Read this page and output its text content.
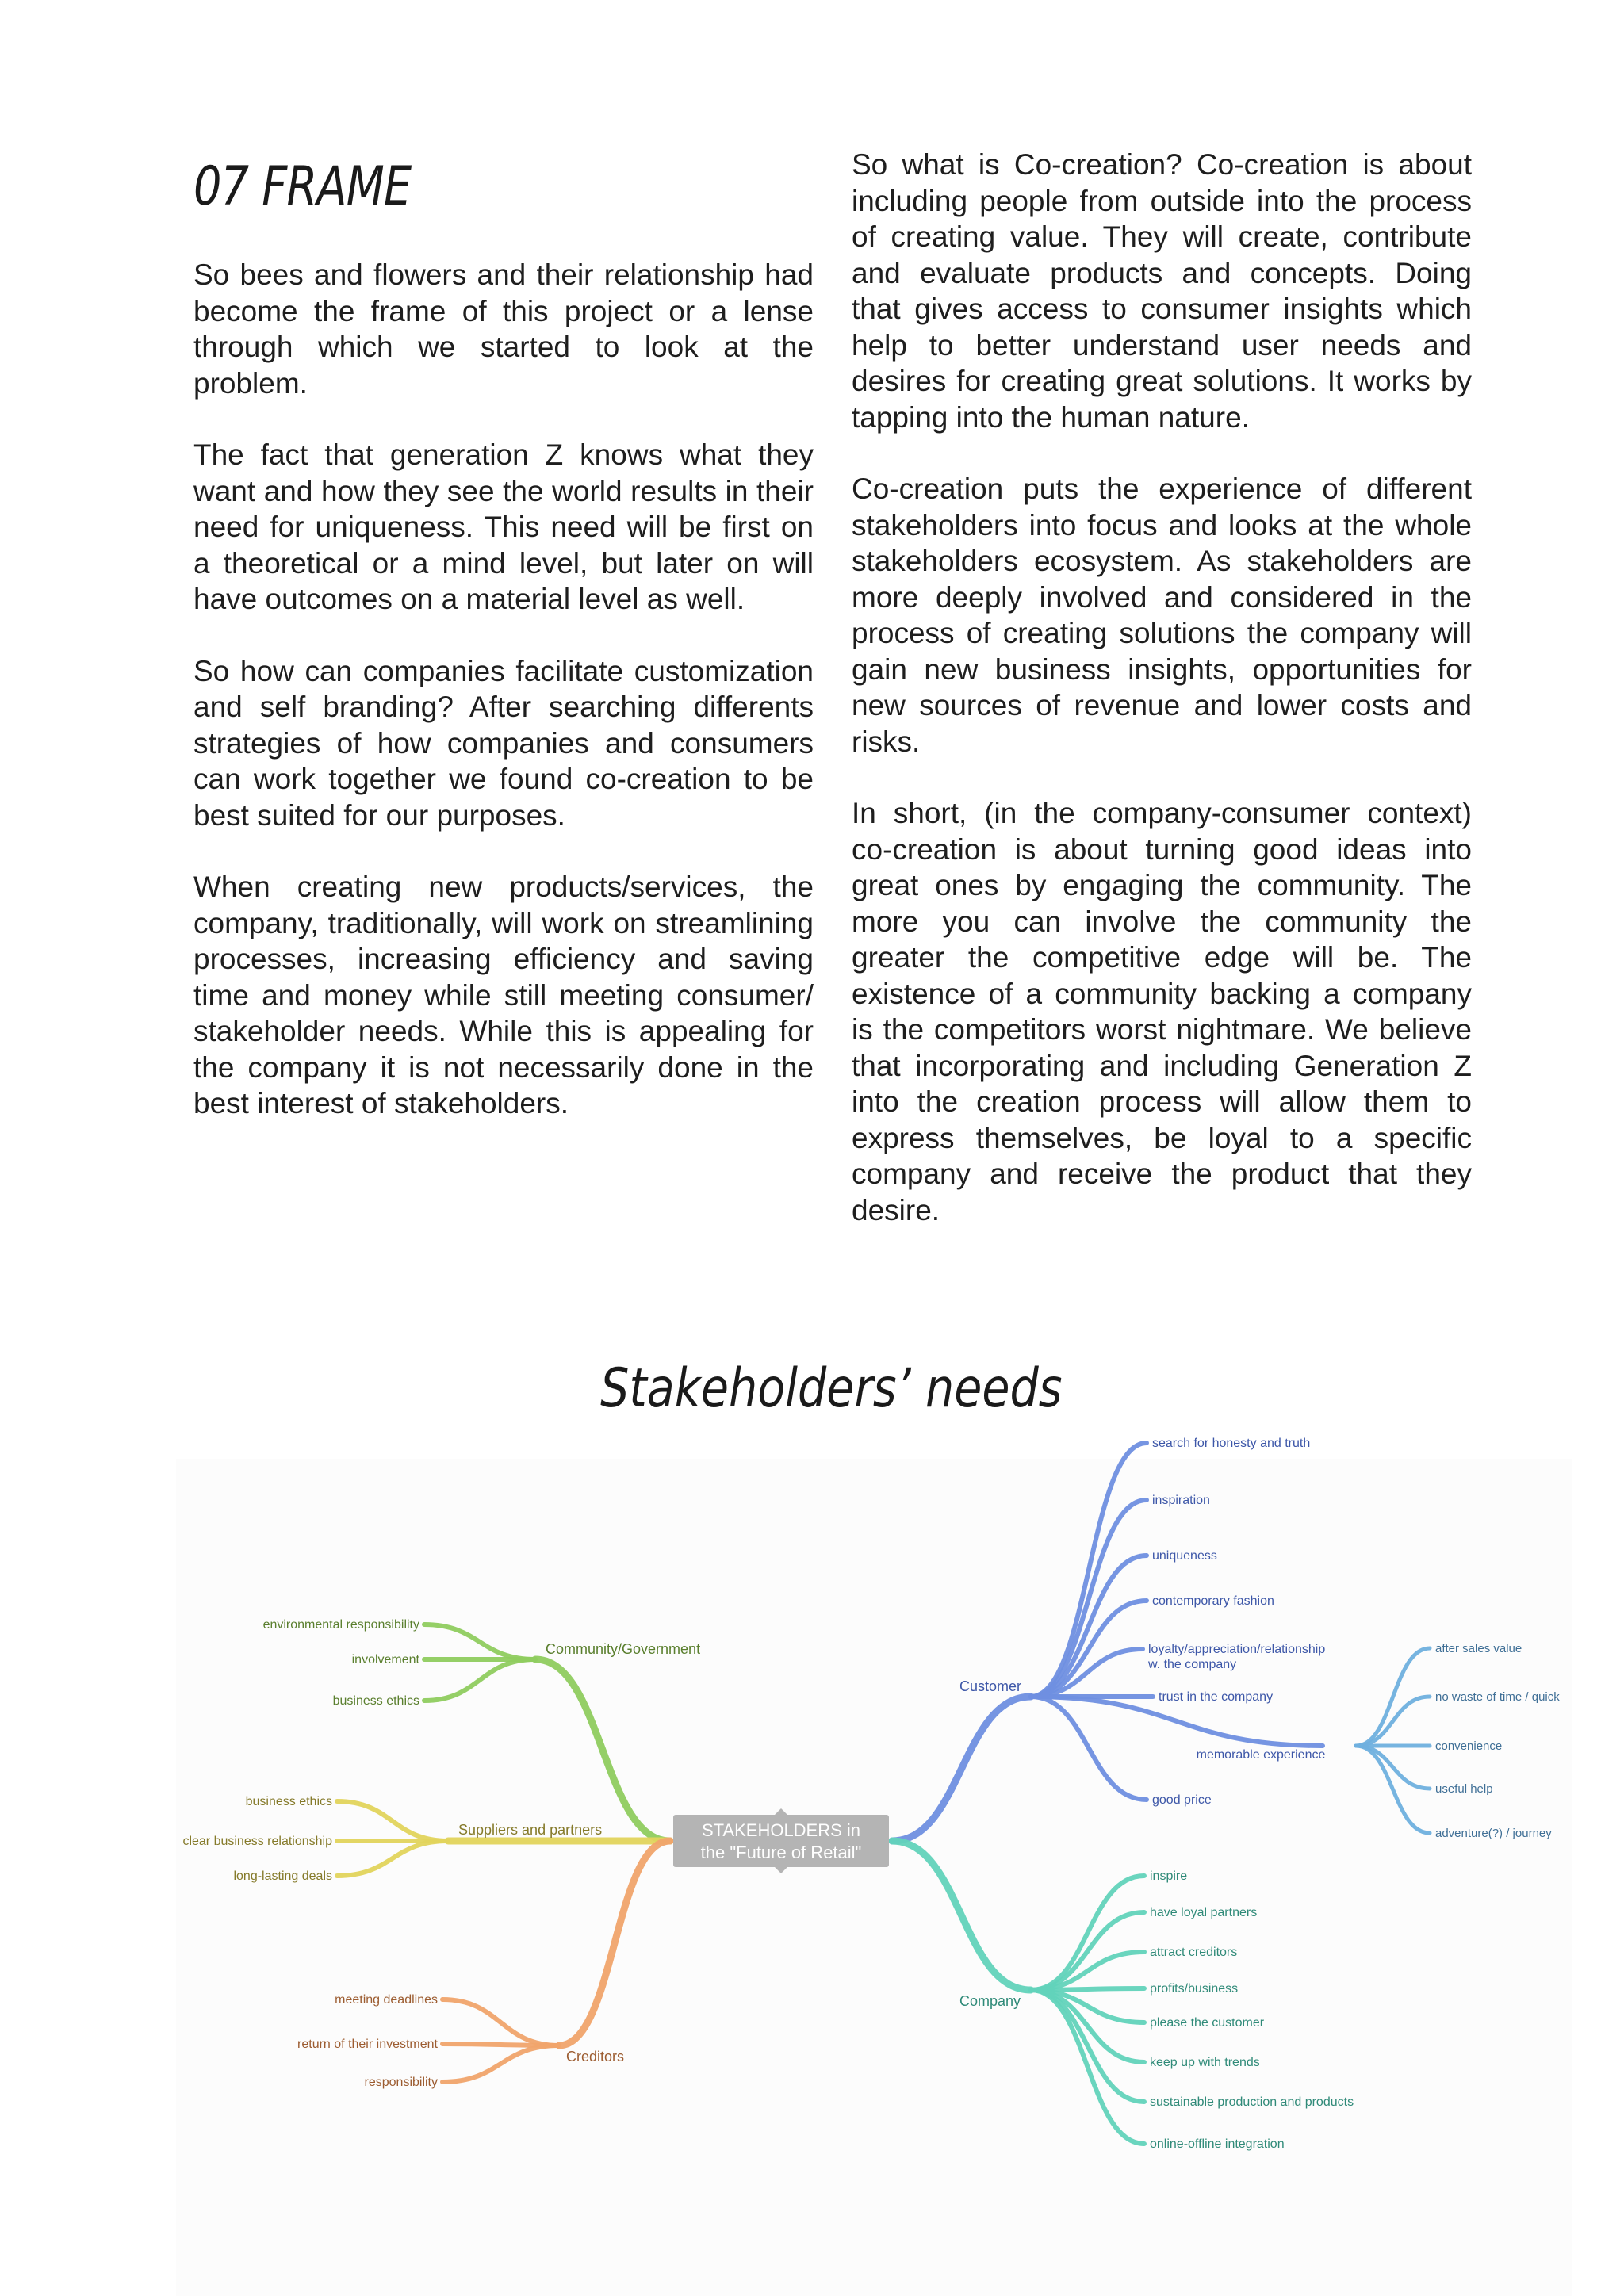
07 FRAME

So bees and flowers and their relationship had become the frame of this project or a lense through which we started to look at the problem.

The fact that generation Z knows what they want and how they see the world results in their need for uniqueness. This need will be first on a theoretical or a mind level, but later on will have outcomes on a material level as well.

So how can companies facilitate customization and self branding? After searching differents strategies of how companies and consumers can work together we found co-creation to be best suited for our purposes.

When creating new products/services, the company, traditionally, will work on streamlining processes, increasing efficiency and saving time and money while still meeting consumer/ stakeholder needs. While this is appealing for the company it is not necessarily done in the best interest of stakeholders.

So what is Co-creation? Co-creation is about including people from outside into the process of creating value. They will create, contribute and evaluate products and concepts. Doing that gives access to consumer insights which help to better understand user needs and desires for creating great solutions. It works by tapping into the human nature.

Co-creation puts the experience of different stakeholders into focus and looks at the whole stakeholders ecosystem. As stakeholders are more deeply involved and considered in the process of creating solutions the company will gain new business insights, opportunities for new sources of revenue and lower costs and risks.

In short, (in the company-consumer context) co-creation is about turning good ideas into great ones by engaging the community. The more you can involve the community the greater the competitive edge will be. The existence of a community backing a company is the competitors worst nightmare. We believe that incorporating and including Generation Z into the creation process will allow them to express themselves, be loyal to a specific company and receive the product that they desire.

Stakeholders’ needs
environmental responsibility
involvement
business ethics
Community/Government
business ethics
clear business relationship
long-lasting deals
Suppliers and partners
meeting deadlines
return of their investment
responsibility
Creditors
search for honesty and truth
inspiration
uniqueness
contemporary fashion
loyalty/appreciation/relationship
w. the company
trust in the company
memorable experience
after sales value
no waste of time / quick
convenience
useful help
adventure(?) / journey
good price
Customer
inspire
have loyal partners
attract creditors
profits/business
please the customer
keep up with trends
sustainable production and products
online-offline integration
Company
STAKEHOLDERS in
the "Future of Retail"
